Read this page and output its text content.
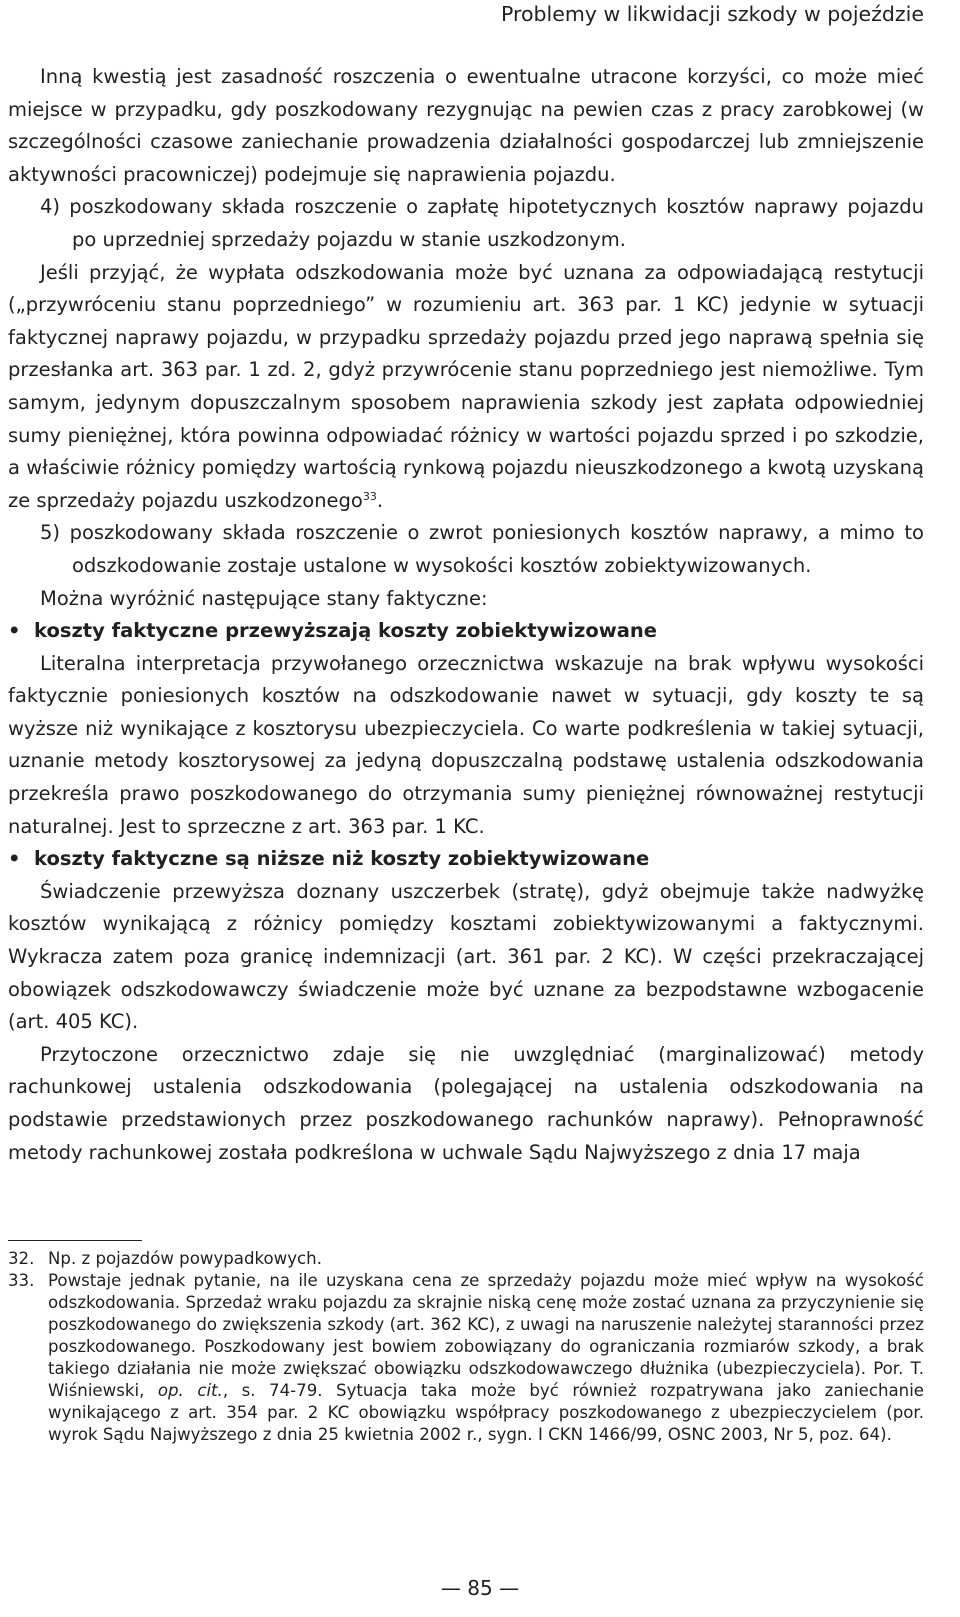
Problemy w likwidacji szkody w pojeździe

Inną kwestią jest zasadność roszczenia o ewentualne utracone korzyści, co może mieć miejsce w przypadku, gdy poszkodowany rezygnując na pewien czas z pracy zarobkowej (w szczególności czasowe zaniechanie prowadzenia działalności gospodarczej lub zmniejszenie aktywności pracowniczej) podejmuje się naprawienia pojazdu.

4) poszkodowany składa roszczenie o zapłatę hipotetycznych kosztów naprawy pojazdu po uprzedniej sprzedaży pojazdu w stanie uszkodzonym.

Jeśli przyjąć, że wypłata odszkodowania może być uznana za odpowiadającą restytucji („przywróceniu stanu poprzedniego” w rozumieniu art. 363 par. 1 KC) jedynie w sytuacji faktycznej naprawy pojazdu, w przypadku sprzedaży pojazdu przed jego naprawą spełnia się przesłanka art. 363 par. 1 zd. 2, gdyż przywrócenie stanu poprzedniego jest niemożliwe. Tym samym, jedynym dopuszczalnym sposobem naprawienia szkody jest zapłata odpowiedniej sumy pieniężnej, która powinna odpowiadać różnicy w wartości pojazdu sprzed i po szkodzie, a właściwie różnicy pomiędzy wartością rynkową pojazdu nieuszkodzonego a kwotą uzyskaną ze sprzedaży pojazdu uszkodzonego$^{33}$.

5) poszkodowany składa roszczenie o zwrot poniesionych kosztów naprawy, a mimo to odszkodowanie zostaje ustalone w wysokości kosztów zobiektywizowanych.

Można wyróżnić następujące stany faktyczne:

• koszty faktyczne przewyższają koszty zobiektywizowane

Literalna interpretacja przywołanego orzecznictwa wskazuje na brak wpływu wysokości faktycznie poniesionych kosztów na odszkodowanie nawet w sytuacji, gdy koszty te są wyższe niż wynikające z kosztorysu ubezpieczyciela. Co warte podkreślenia w takiej sytuacji, uznanie metody kosztorysowej za jedyną dopuszczalną podstawę ustalenia odszkodowania przekreśla prawo poszkodowanego do otrzymania sumy pieniężnej równoważnej restytucji naturalnej. Jest to sprzeczne z art. 363 par. 1 KC.

• koszty faktyczne są niższe niż koszty zobiektywizowane

Świadczenie przewyższa doznany uszczerbek (stratę), gdyż obejmuje także nadwyżkę kosztów wynikającą z różnicy pomiędzy kosztami zobiektywizowanymi a faktycznymi. Wykracza zatem poza granicę indemnizacji (art. 361 par. 2 KC). W części przekraczającej obowiązek odszkodowawczy świadczenie może być uznane za bezpodstawne wzbogacenie (art. 405 KC).

Przytoczone orzecznictwo zdaje się nie uwzględniać (marginalizować) metody rachunkowej ustalenia odszkodowania (polegającej na ustalenia odszkodowania na podstawie przedstawionych przez poszkodowanego rachunków naprawy). Pełnoprawność metody rachunkowej została podkreślona w uchwale Sądu Najwyższego z dnia 17 maja

32. Np. z pojazdów powypadkowych.
33. Powstaje jednak pytanie, na ile uzyskana cena ze sprzedaży pojazdu może mieć wpływ na wysokość odszkodowania. Sprzedaż wraku pojazdu za skrajnie niską cenę może zostać uznana za przyczynienie się poszkodowanego do zwiększenia szkody (art. 362 KC), z uwagi na naruszenie należytej staranności przez poszkodowanego. Poszkodowany jest bowiem zobowiązany do ograniczania rozmiarów szkody, a brak takiego działania nie może zwiększać obowiązku odszkodowawczego dłużnika (ubezpieczyciela). Por. T. Wiśniewski, op. cit., s. 74-79. Sytuacja taka może być również rozpatrywana jako zaniechanie wynikającego z art. 354 par. 2 KC obowiązku współpracy poszkodowanego z ubezpieczycielem (por. wyrok Sądu Najwyższego z dnia 25 kwietnia 2002 r., sygn. I CKN 1466/99, OSNC 2003, Nr 5, poz. 64).
— 85 —
